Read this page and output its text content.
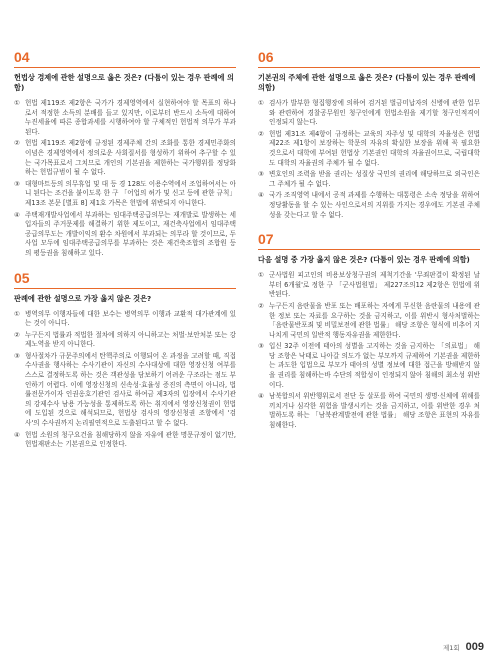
04
헌법상 경제에 관한 설명으로 옳은 것은? (다툼이 있는 경우 판례에 의함)
① 헌법 제119조 제2항은 국가가 경제영역에서 실현하여야 할 목표의 하나로서 적정한 소득의 분배를 들고 있지만, 이로부터 반드시 소득에 대하여 누진세율에 따른 종합과세를 시행하여야 할 구체적인 헌법적 의무가 부과된다.
② 헌법 제119조 제2항에 규정된 경제주체 간의 조화를 통한 경제민주화의 이념은 경제영역에서 정의로운 사회질서를 형성하기 위하여 추구할 수 있는 국가목표로서 그치므로 개인의 기본권을 제한하는 국가행위를 정당화하는 헌법규범이 될 수 없다.
③ 대형마트등의 의무휴업 및 대 등 경 128도 이용수역에서 조업하여서는 아니 된다는 조건을 붙이도록 한 구 「어업의 허가 및 신고 등에 관한 규칙」 제13조 본문 [별표 8] 제1호 가목은 헌법에 위반되지 아니한다.
④ 주택재개발사업에서 부과하는 임대주택공급의무는 재개발로 발생하는 세입자들의 주거문제를 해결하기 위한 제도이고, 재건축사업에서 임대주택공급의무도는 개발이익의 환수 차원에서 부과되는 의무라 할 것이므로, 두 사업 모두에 임대주택공급의무를 부과하는 것은 재건축조합의 조합원 등의 평등권을 침해하고 있다.
05
판례에 관한 설명으로 가장 옳지 않은 것은?
① 병역의무 이행자들에 대한 보수는 병역의무 이행과 교환적 대가관계에 있는 것이 아니다.
② 누구든지 법률과 적법한 절차에 의하지 아니하고는 처벌·보안처분 또는 강제노역을 받지 아니한다.
③ 형사절차가 규문주의에서 탄핵주의로 이행되어 온 과정을 고려할 때, 직접 수사권을 행사하는 수사기관이 자신의 수사대상에 대한 영장신청 여부를 스스로 결정하도록 하는 것은 객관성을 담보하기 어려운 구조라는 점도 부인하기 어렵다. 이에 영장신청의 신속성·효율성 증진의 측면이 아니라, 법률전문가이자 인권옹호기관인 검사로 하여금 제3자의 입장에서 수사기관의 강제수사 남용 가능성을 통제하도록 하는 취지에서 영장신청권이 헌법에 도입된 것으로 해석되므로, 헌법상 검사의 영장신청권 조항에서 '검사'의 수사권까지 논리필연적으로 도출된다고 할 수 없다.
④ 헌법 소원의 청구요건을 침해당하지 않을 자유에 관한 명문규정이 없기만, 헌법재판소는 기본권으로 인정한다.
06
기본권의 주체에 관한 설명으로 옳은 것은? (다툼이 있는 경우 판례에 의함)
① 검사가 발부한 형집행장에 의하여 검거된 벌금미납자의 신병에 관한 업무와 관련하여 경찰공무원인 청구인에게 헌법소원을 제기할 청구인적격이 인정되지 않는다.
② 헌법 제31조 제4항이 규정하는 교육의 자주성 및 대학의 자율성은 헌법 제22조 제1항이 보장하는 학문의 자유의 확실한 보장을 위해 꼭 필요한 것으로서 대학에 부여된 헌법상 기본권인 대학의 자율권이므로, 국립대학도 대학의 자율권의 주체가 될 수 없다.
③ 변호인의 조력을 받을 권리는 성질상 국민의 권리에 해당하므로 외국인은 그 주체가 될 수 없다.
④ 국가 조직영역 내에서 공적 과제를 수행하는 대통령은 소속 정당을 위하여 정당활동을 할 수 있는 사인으로서의 지위를 가지는 경우에도 기본권 주체성을 갖는다고 할 수 없다.
07
다음 설명 중 가장 옳지 않은 것은? (다툼이 있는 경우 판례에 의함)
① 군사법원 피고인의 비용보상청구권의 제척기간을 '무죄판결이 확정된 날부터 6개월'로 정한 구 「군사법원법」 제227조의12 제2항은 헌법에 위반된다.
② 누구든지 음란물을 반포 또는 배포하는 자에게 무신한 음란물의 내용에 관한 정보 또는 자료를 요구하는 것을 금지하고, 이를 위반시 형사처벌하는 「음란물반포죄 및 비밀보전에 관한 법률」 해당 조항은 형식에 비추어 지나치게 국민의 일반적 행동자유권을 제한한다.
③ 입신 32주 이전에 태아의 성별을 고지하는 것을 금지하는 「의료법」 해당 조항은 낙태로 나아갈 의도가 없는 부모까지 규제하여 기본권을 제한하는 과도한 입법으로 부모가 태아의 성별 정보에 대한 접근을 방해받지 않을 권리를 침해하는바 수단의 적합성이 인정되지 않아 침해의 최소성 위반이다.
④ 남북합의서 위반행위로서 전단 등 살포를 하여 국민의 생명·신체에 위해를 끼치거나 심각한 위험을 발생시키는 것을 금지하고, 이를 위반한 경우 처벌하도록 하는 「남북관계발전에 관한 법률」 해당 조항은 표현의 자유를 침해한다.
제1회 009
